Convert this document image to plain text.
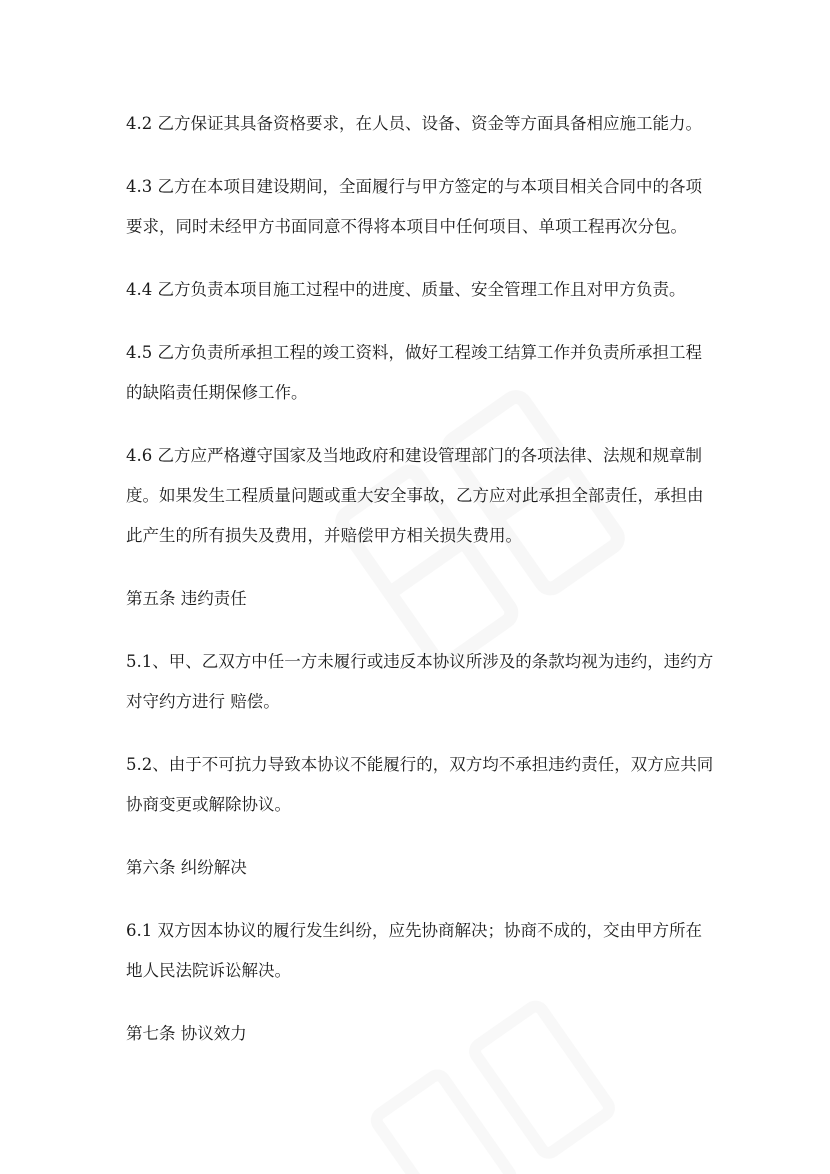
4.2 乙方保证其具备资格要求，在人员、设备、资金等方面具备相应施工能力。

4.3 乙方在本项目建设期间，全面履行与甲方签定的与本项目相关合同中的各项要求，同时未经甲方书面同意不得将本项目中任何项目、单项工程再次分包。

4.4 乙方负责本项目施工过程中的进度、质量、安全管理工作且对甲方负责。

4.5 乙方负责所承担工程的竣工资料，做好工程竣工结算工作并负责所承担工程的缺陷责任期保修工作。

4.6 乙方应严格遵守国家及当地政府和建设管理部门的各项法律、法规和规章制度。如果发生工程质量问题或重大安全事故，乙方应对此承担全部责任，承担由此产生的所有损失及费用，并赔偿甲方相关损失费用。

第五条 违约责任

5.1、甲、乙双方中任一方未履行或违反本协议所涉及的条款均视为违约，违约方对守约方进行 赔偿。

5.2、由于不可抗力导致本协议不能履行的，双方均不承担违约责任，双方应共同协商变更或解除协议。

第六条 纠纷解决

6.1 双方因本协议的履行发生纠纷，应先协商解决；协商不成的，交由甲方所在地人民法院诉讼解决。

第七条 协议效力
